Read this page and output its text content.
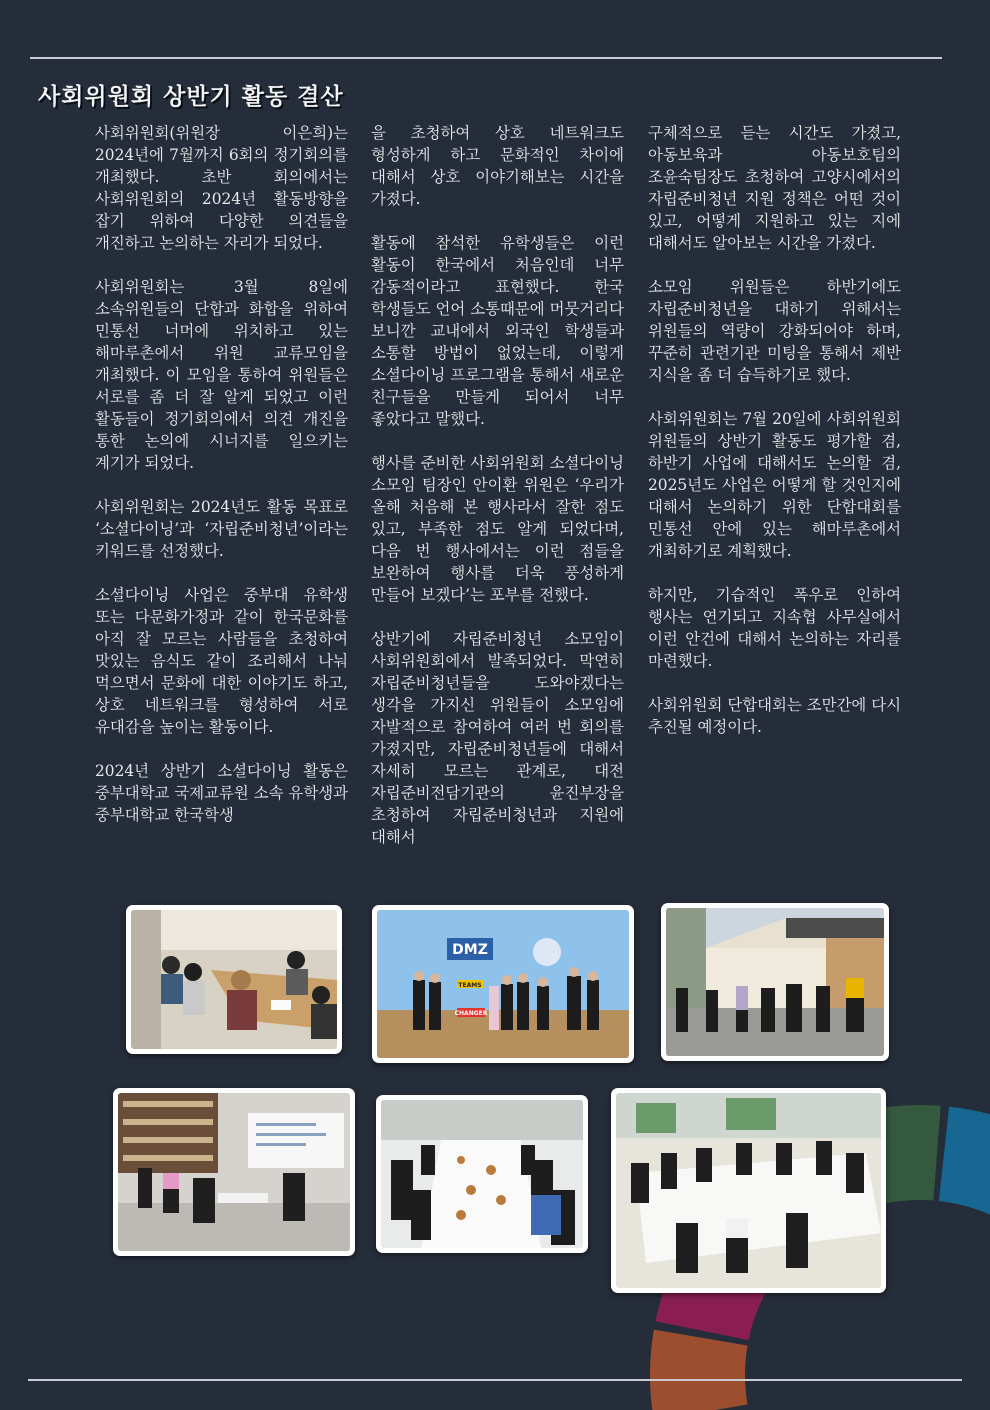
사회위원회 상반기 활동 결산

사회위원회(위원장 이은희)는 2024년에 7월까지 6회의 정기회의를 개최했다. 초반 회의에서는 사회위원회의 2024년 활동방향을 잡기 위하여 다양한 의견들을 개진하고 논의하는 자리가 되었다.

사회위원회는 3월 8일에 소속위원들의 단합과 화합을 위하여 민통선 너머에 위치하고 있는 해마루촌에서 위원 교류모임을 개최했다. 이 모임을 통하여 위원들은 서로를 좀 더 잘 알게 되었고 이런 활동들이 정기회의에서 의견 개진을 통한 논의에 시너지를 일으키는 계기가 되었다.

사회위원회는 2024년도 활동 목표로 ‘소셜다이닝’과 ‘자립준비청년’이라는 키워드를 선정했다.

소셜다이닝 사업은 중부대 유학생 또는 다문화가정과 같이 한국문화를 아직 잘 모르는 사람들을 초청하여 맛있는 음식도 같이 조리해서 나눠 먹으면서 문화에 대한 이야기도 하고, 상호 네트워크를 형성하여 서로 유대감을 높이는 활동이다.

2024년 상반기 소셜다이닝 활동은 중부대학교 국제교류원 소속 유학생과 중부대학교 한국학생

을 초청하여 상호 네트워크도 형성하게 하고 문화적인 차이에 대해서 상호 이야기해보는 시간을 가졌다.

활동에 참석한 유학생들은 이런 활동이 한국에서 처음인데 너무 감동적이라고 표현했다. 한국 학생들도 언어 소통때문에 머뭇거리다 보니깐 교내에서 외국인 학생들과 소통할 방법이 없었는데, 이렇게 소셜다이닝 프로그램을 통해서 새로운 친구들을 만들게 되어서 너무 좋았다고 말했다.

행사를 준비한 사회위원회 소셜다이닝 소모임 팀장인 안이환 위원은 ‘우리가 올해 처음해 본 행사라서 잘한 점도 있고, 부족한 점도 알게 되었다며, 다음 번 행사에서는 이런 점들을 보완하여 행사를 더욱 풍성하게 만들어 보겠다’는 포부를 전했다.

상반기에 자립준비청년 소모임이 사회위원회에서 발족되었다. 막연히 자립준비청년들을 도와야겠다는 생각을 가지신 위원들이 소모임에 자발적으로 참여하여 여러 번 회의를 가졌지만, 자립준비청년들에 대해서 자세히 모르는 관계로, 대전 자립준비전담기관의 윤진부장을 초청하여 자립준비청년과 지원에 대해서

구체적으로 듣는 시간도 가졌고, 아동보육과 아동보호팀의 조윤숙팀장도 초청하여 고양시에서의 자립준비청년 지원 정책은 어떤 것이 있고, 어떻게 지원하고 있는 지에 대해서도 알아보는 시간을 가졌다.

소모임 위원들은 하반기에도 자립준비청년을 대하기 위해서는 위원들의 역량이 강화되어야 하며, 꾸준히 관련기관 미팅을 통해서 제반 지식을 좀 더 습득하기로 했다.

사회위원회는 7월 20일에 사회위원회 위원들의 상반기 활동도 평가할 겸, 하반기 사업에 대해서도 논의할 겸, 2025년도 사업은 어떻게 할 것인지에 대해서 논의하기 위한 단합대회를 민통선 안에 있는 해마루촌에서 개최하기로 계획했다.

하지만, 기습적인 폭우로 인하여 행사는 연기되고 지속협 사무실에서 이런 안건에 대해서 논의하는 자리를 마련했다.

사회위원회 단합대회는 조만간에 다시 추진될 예정이다.

DMZ
TEAMS
CHANGER
